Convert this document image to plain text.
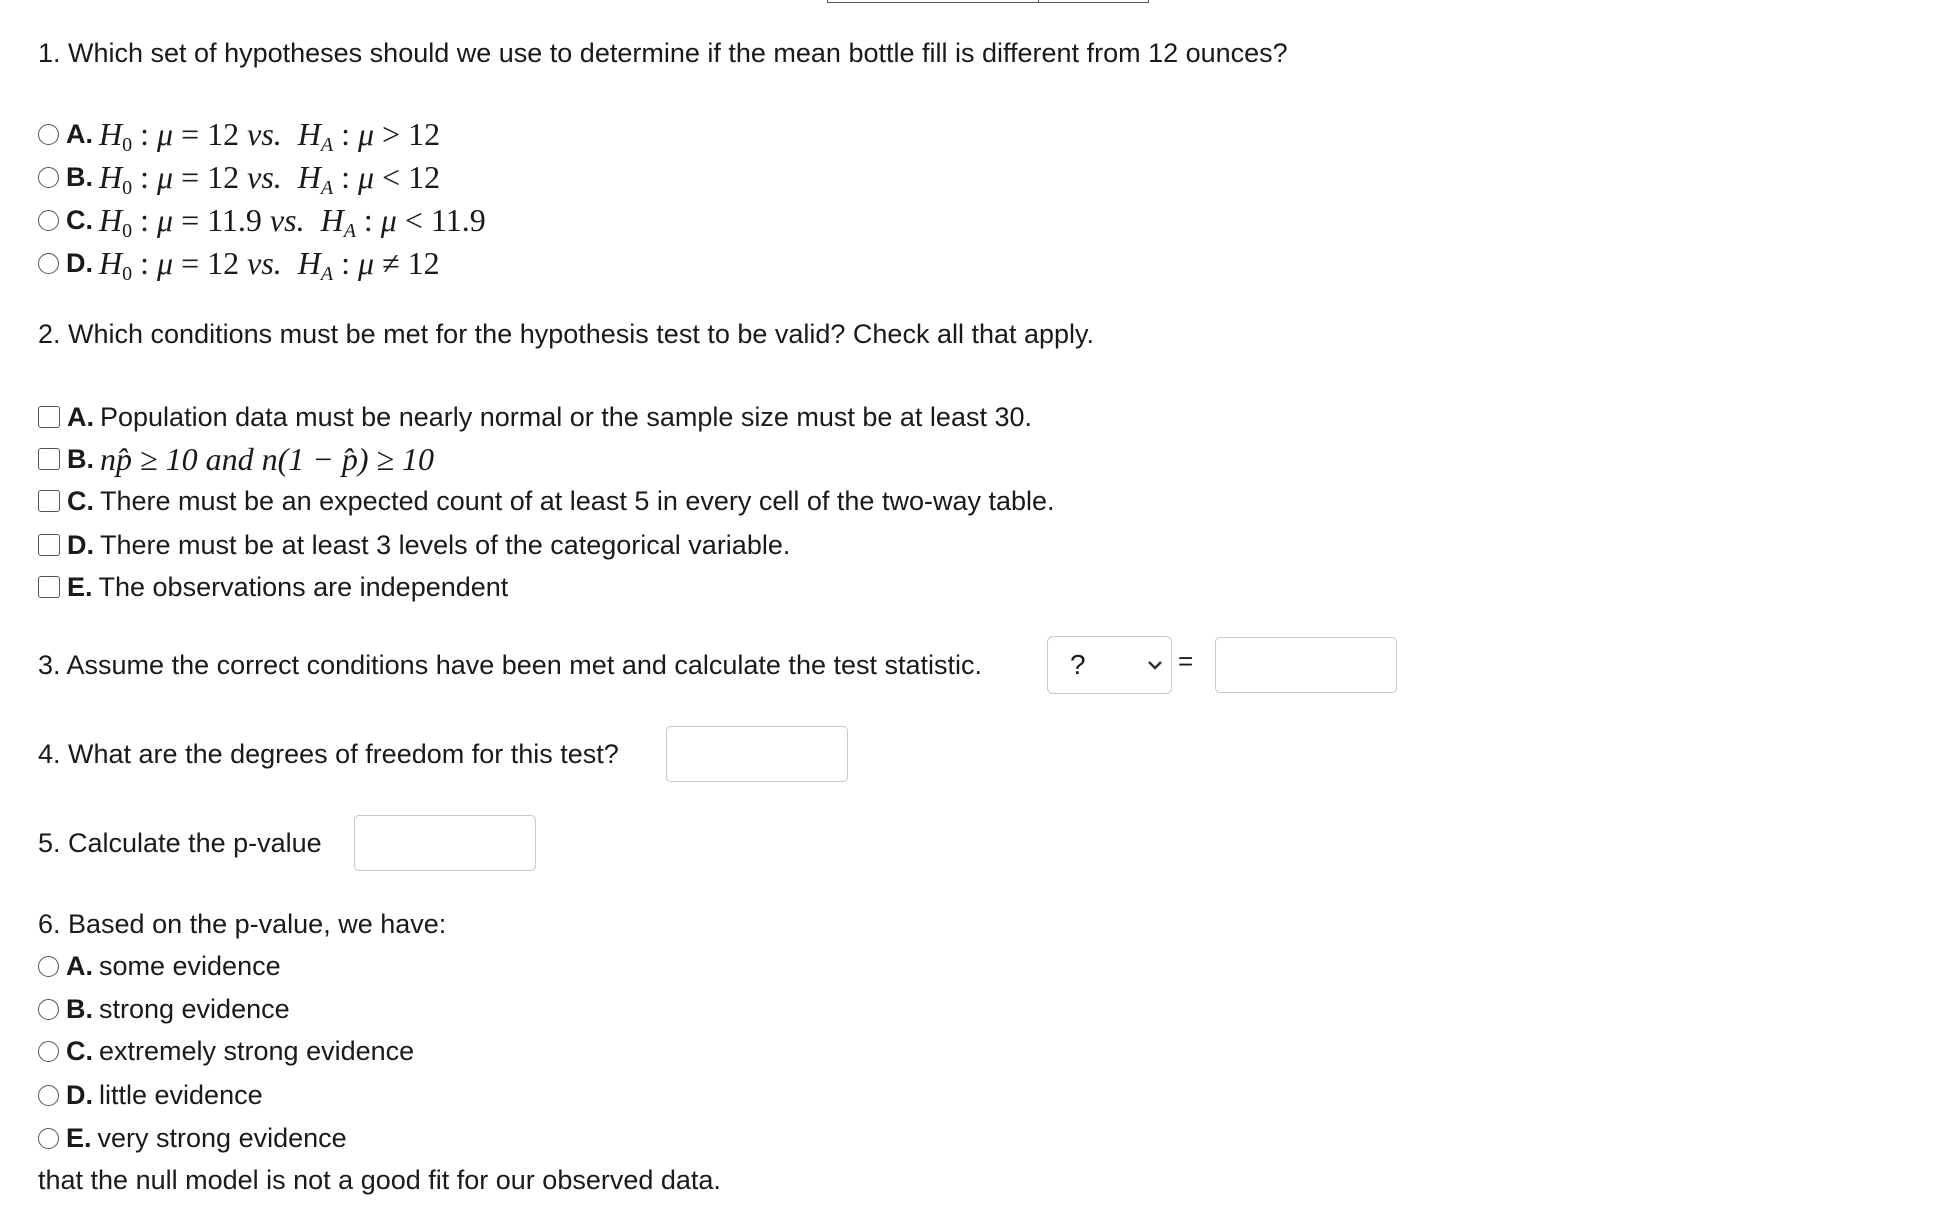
1. Which set of hypotheses should we use to determine if the mean bottle fill is different from 12 ounces?
A. $H_0$ : μ = 12 vs. $H_A$ : μ > 12
B. $H_0$ : μ = 12 vs. $H_A$ : μ < 12
C. $H_0$ : μ = 11.9 vs. $H_A$ : μ < 11.9
D. $H_0$ : μ = 12 vs. $H_A$ : μ ≠ 12
2. Which conditions must be met for the hypothesis test to be valid? Check all that apply.
A. Population data must be nearly normal or the sample size must be at least 30.
B. np̂ ≥ 10 and n(1 − p̂) ≥ 10
C. There must be an expected count of at least 5 in every cell of the two-way table.
D. There must be at least 3 levels of the categorical variable.
E. The observations are independent
3. Assume the correct conditions have been met and calculate the test statistic.	?	=
4. What are the degrees of freedom for this test?
5. Calculate the p-value
6. Based on the p-value, we have:
A. some evidence
B. strong evidence
C. extremely strong evidence
D. little evidence
E. very strong evidence
that the null model is not a good fit for our observed data.
